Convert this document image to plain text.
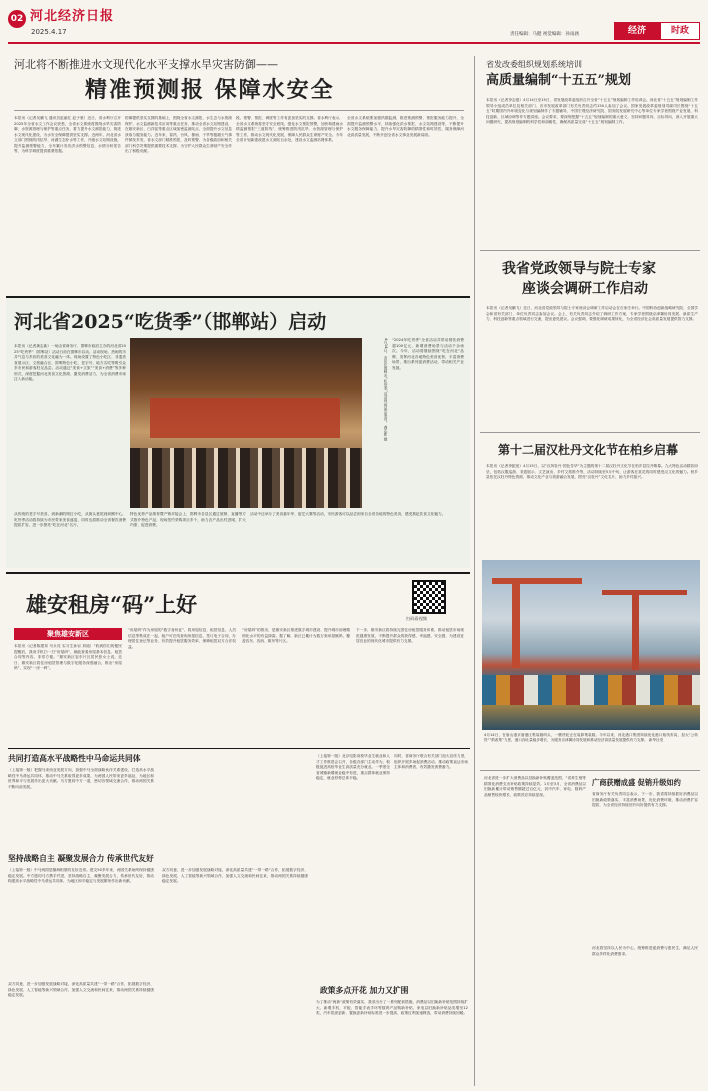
02 河北经济日报
2025.4.17	责任编辑：马健 视觉编辑：孙雨涵	经济	时政
河北将不断推进水文现代化水平支撑水旱灾害防御——
精准预测报 保障水安全
本报讯（记者吴鹏飞 通讯员赵丽红 赵子豪）近日，省水利厅召开2025年全省水文工作会议获悉，全省水文系统将围绕水旱灾害防御、水资源管理与保护等重点任务，着力提升水文测报能力，推进水文现代化建设，为水安全保障提供坚实支撑。近两年，河北省水文部门围绕防汛抗旱、河湖生态补水等工作，升级水文站网设施，提升监测预警能力，全年累计发布洪水预警信息、水情分析报告等，为科学调度提供重要依据。
防御提供坚实支撑的基础上，围绕全省水文测报，水生态与水资源保护，水文监测新技术应用等重点任务，推动全省水文站网建设，在雄安新区、白洋淀等重点区域加密监测站点，全面提升水文信息获取与服务能力。近年来，春汛、台风、暴雨、干旱等极端天气事件频发多发，省水文部门精准预报，及时预警，为各级政府和相关部门科学决策提供重要技术支撑，为守护人民群众生命财产安全作出了积极贡献。
段，预警、预报、调度等工作有更加坚实的支撑。省水利厅表示，全省水文系统将坚守安全底线，强化水文预报预警，加快构建雨水情监测预报“三道防线”，统筹推进防汛抗旱、水资源管理与保护等工作，推动水文现代化发展，保障人民群众生命财产安全。今年全省计划新建改建水文测站百余处，建设水文监测站网体系。
全省水文系统要加强汛期监测，推进预测预警、预报服务能力提升，全面提升监测预警水平，持续强化洪水预报、水文站网建设等，不断提升水文服务保障能力，提升水旱灾害防御的精准性和时效性，服务保障河北高质量发展，不断开创全省水文事业发展新局面。
省发改委组织规划系统培训
高质量编制“十五五”规划
本报讯（记者李志强）4月14日至15日，省发展改革委组织召开全省“十五五”规划编制工作培训会。河北省“十五五”规划编制工作领导小组成员单位及相关部门、各市发展改革部门有关负责同志约150人参加了会议。国家发展改革委规划司副司长围绕“十五五”时期国内外环境变化与规划编制作了专题辅导，中国宏观经济研究院、国务院发展研究中心等单位专家学者围绕产业发展、科技创新、区域协调等作专题讲座。会议要求，要深刻把握“十五五”规划编制的重大意义，坚持问题导向、目标导向，深入开展重大问题研究，提高规划编制的科学性和前瞻性，确保高质量完成“十五五”规划编制工作。
我省党政领导与院士专家
座谈会调研工作启动
本报讯（记者吴鹏飞）近日，河北省党政领导与院士专家座谈会调研工作启动会在石家庄举行。中国科协创新战略研究院、全国学会和省有关部门、单位负责同志参加会议。会上，有关负责同志介绍了调研工作方案，专家学者围绕京津冀协同发展、新质生产力、科技创新等重点领域进行交流，提出意见建议。会议强调，要强化调研成果转化，为全省经济社会高质量发展提供智力支撑。
第十二届汉杜丹文化节在柏乡启幕
本报讯（记者李振宽）4月15日，以“汉风牡丹·国色芳华”为主题的第十二届汉牡丹文化节在柏乡县拉开帷幕。九大特色活动精彩纷呈，包括汉服巡游、非遗展示、文艺演出、乡村文旅推介等，活动持续至5月中旬，让游客在赏花的同时感受汉文化的魅力。柏乡县依托汉牡丹特色资源，推动文化产业与旅游融合发展，擦亮“汉牡丹”文化名片，助力乡村振兴。
4月14日，在唐山港京唐港区集装箱码头，一艘货轮正在装卸集装箱。今年以来，河北港口集团持续优化港口航线布局，加大“公转铁”“散改集”力度，港口吞吐量稳步增长，为服务京津冀协同发展和推动经济高质量发展提供有力支撑。 新华社发
河北省2025“吃货季”（邯郸站）启动
本报讯（记者龚志新）一场由省商务厅、邯郸市政府主办的河北省2025“吃货季”（邯郸站）活动日前在邯郸市启动。活动现场，热闹的市井气息与多彩的美食文化融为一体。现场设置了特色小吃区、非遗美食展示区、文旅融合区，邯郸特色小吃、老字号、地方名吃等吸引众多市民和游客驻足品尝。活动通过“美食+文旅”“美食+消费”等多种形式，深度挖掘河北美食文化资源，激发消费活力，为全省消费市场注入新动能。	4月14日，市民在邯郸市“吃货季”活动现场品尝美食。 龚志新 摄 “2024年吃货季”全省活动共带动餐饮消费超100亿元，新增消费场景与活动千余场次。今年，活动将继续围绕“吃在河北”品牌，发挥河北各地特色美食优势，丰富消费场景，推出系列促消费活动，带动相关产业发展。
从传统的老字号美食，到新潮的网红小吃，从街头巷尾到商圈中心，吃货季活动将持续为市民带来美食盛宴，同时也将推动全省餐饮消费提质扩容，进一步擦亮“吃在河北”名片。
特色优势产品推荐暨产销对接会上，邯郸市各县区通过展销、直播等方式推介特色产品，现场签约采购项目多个，助力农产品出村进城，扩大内需、促进消费。
活动中还举办了美食嘉年华、厨艺大赛等活动，市民游客可以品尝到来自全省各地的特色美食，感受燕赵饮食文化魅力。
雄安租房“码”上好
扫码看视频
聚焦雄安新区
本报讯（记者陈建邦 马永亮 实习生孙岩 刘迪）“收到你们的便民提醒后，我用手机扫一扫“房屋码”，就能查看房屋基本信息、租赁合同等内容，非常方便。”雄安新区容东片区居民张女士说。近日，雄安新区将住房租赁管理与数字化服务深度融合，推出“房屋码”，实现“一房一码”。
“房屋码”作为房屋的“数字身份证”，将房屋信息、租赁信息、人员信息等集成在一起，租户可在线查询房屋信息，签订电子合同，办理居住登记等业务，有效提升租赁服务效率，保障租赁双方合法权益。
“房屋码”的推出，是雄安新区推进数字城市建设、提升城市治理精细化水平的有益探索。据了解，新区已累计为数万套房屋赋码，覆盖容东、容西、雄东等片区。
下一步，雄安新区将持续完善住房租赁服务体系，推动租赁市场规范健康发展，不断提升群众的获得感、幸福感、安全感，为建设宜居宜业的现代化城市提供有力支撑。
共同打造高水平战略性中马命运共同体
（上接第一版）把握马来西亚发展方向，加强中马全面战略伙伴关系建设，打造高水平战略性中马命运共同体，推动中马关系取得更多成果，为两国人民带来更多福祉，为地区和世界和平与发展作出更大贡献。马方愿同中方一道，密切各领域交流合作，推动两国关系不断向前发展。
坚持战略自主 凝聚发展合力 传承世代友好
（上接第一版）中马两国是隔海相望的友好近邻。建交50多年来，两国关系始终保持健康稳定发展。中方愿同马方携手并进，坚持战略自主，凝聚发展合力，传承世代友好，推动构建高水平战略性中马命运共同体，为地区和平稳定与发展繁荣作出新贡献。
双方同意，进一步加强发展战略对接，深化高质量共建“一带一路”合作，拓展数字经济、绿色发展、人工智能等新兴领域合作，加强人文交流和民间往来，推动两国关系持续健康稳定发展。
双方同意，进一步加强发展战略对接，深化高质量共建“一带一路”合作，拓展数字经济、绿色发展、人工智能等新兴领域合作，加强人文交流和民间往来，推动两国关系持续健康稳定发展。
（上接第一版）北京电影高校毕业生就业和人才工作推进会召开，各级各部门主动作为，积极促进高校毕业生高质量充分就业。一季度全省城镇新增就业稳中有进，重点群体就业保持稳定，就业形势总体平稳。
同时，省商务厅联合有关部门加大宣传力度，组织开展多场促消费活动，推动政策直达市场主体和消费者，有效激发消费潜力。
政策多点开花 加力又扩围
为了推动“两新”政策有效落实，我省出台了一系列配套措施，消费品以旧换新补贴范围持续扩大，新增手机、平板、智能手表手环等数码产品购新补贴，家电以旧换新补贴品类增至12类，汽车报废更新、置换更新补贴标准进一步提高，政策红利加速释放，带动消费持续回暖。
河北省进一步扩大消费品以旧换新补贴覆盖范围，“省养生殖等精准化消费支出补贴政策持续显效。1月至3月，全省消费品以旧换新累计带动销售额超过百亿元，其中汽车、家电、数码产品销售较快增长，政策效应持续显现。
广商获赠成盛 促销升级如约
省商务厅有关负责同志表示，下一步，我省将持续抓好消费品以旧换新政策落实，丰富消费场景，优化消费环境，推动消费扩容提质，为全省经济持续回升向好提供有力支撑。
河北将坚持以人民为中心，统筹推进促消费与惠民生，满足人民群众多样化消费需求。
